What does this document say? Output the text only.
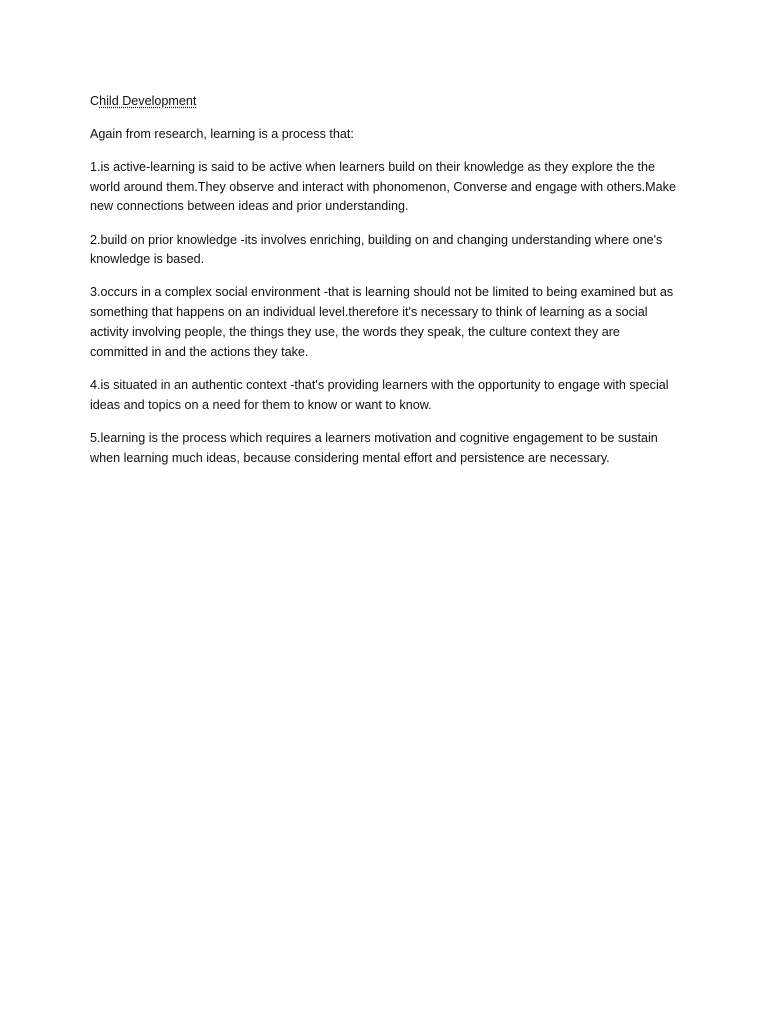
Child Development

Again from research, learning is a process that:

1.is active-learning is said to be active when learners build on their knowledge as they explore the the world around them.They observe and interact with phonomenon, Converse and engage with others.Make new connections between ideas and prior understanding.

2.build on prior knowledge -its involves enriching, building on and changing understanding where one's knowledge is based.

3.occurs in a complex social environment -that is learning should not be limited to being examined but as something that happens on an individual level.therefore it's necessary to think of learning as a social activity involving people, the things they use, the words they speak, the culture context they are committed in and the actions they take.

4.is situated in an authentic context -that's providing learners with the opportunity to engage with special ideas and topics on a need for them to know or want to know.

5.learning is the process which requires a learners motivation and cognitive engagement to be sustain when learning much ideas, because considering mental effort and persistence are necessary.
